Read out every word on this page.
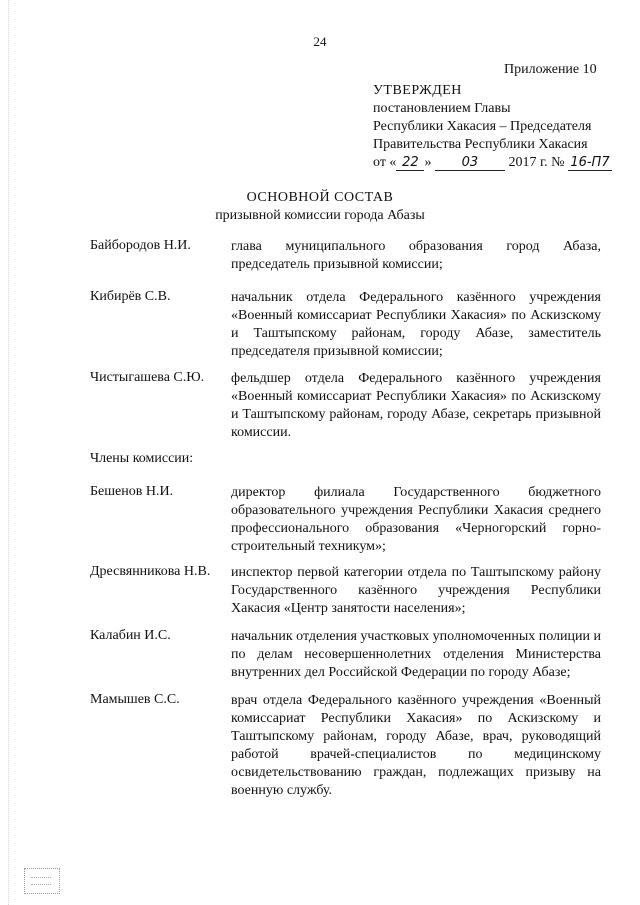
24
Приложение 10
УТВЕРЖДЕН
постановлением Главы
Республики Хакасия – Председателя
Правительства Республики Хакасия
от « 22 » 03 2017 г. № 16-П7
ОСНОВНОЙ СОСТАВ
призывной комиссии города Абазы
Байбородов Н.И.	глава муниципального образования город Абаза, председатель призывной комиссии;
Кибирёв С.В.	начальник отдела Федерального казённого учреждения «Военный комиссариат Республики Хакасия» по Аскизскому и Таштыпскому районам, городу Абазе, заместитель председателя призывной комиссии;
Чистыгашева С.Ю. фельдшер отдела Федерального казённого учреждения «Военный комиссариат Республики Хакасия» по Аскизскому и Таштыпскому районам, городу Абазе, секретарь призывной комиссии.
Члены комиссии:
Бешенов Н.И.	директор филиала Государственного бюджетного образовательного учреждения Республики Хакасия среднего профессионального образования «Черногорский горно-строительный техникум»;
Дресвянникова Н.В. инспектор первой категории отдела по Таштыпскому району Государственного казённого учреждения Республики Хакасия «Центр занятости населения»;
Калабин И.С.	начальник отделения участковых уполномоченных полиции и по делам несовершеннолетних отделения Министерства внутренних дел Российской Федерации по городу Абазе;
Мамышев С.С.	врач отдела Федерального казённого учреждения «Военный комиссариат Республики Хакасия» по Аскизскому и Таштыпскому районам, городу Абазе, врач, руководящий работой врачей-специалистов по медицинскому освидетельствованию граждан, подлежащих призыву на военную службу.
